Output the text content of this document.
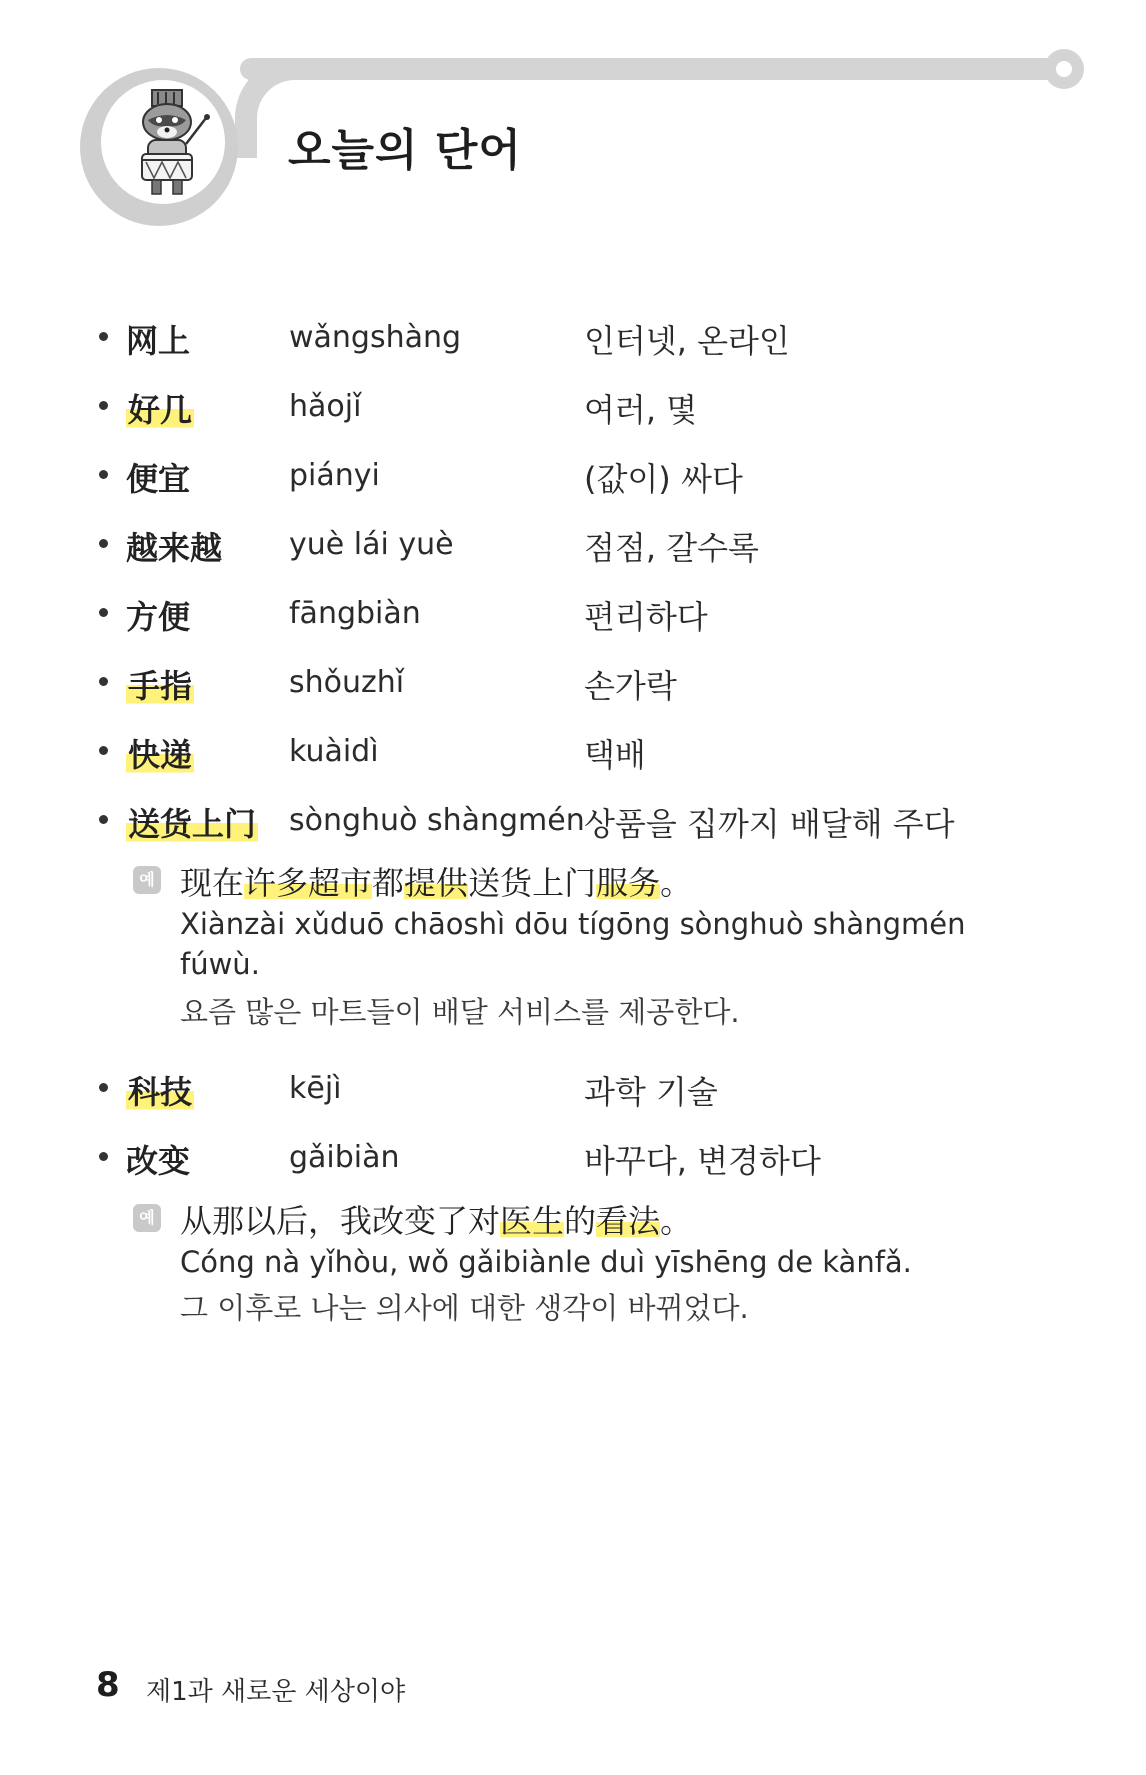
오늘의 단어
网上	wǎngshàng	인터넷, 온라인
好几	hǎojǐ	여러, 몇
便宜	piányi	(값이) 싸다
越来越 yuè lái yuè	점점, 갈수록
方便	fāngbiàn	편리하다
手指	shǒuzhǐ	손가락
快递	kuàidì	택배
送货上门 sònghuò shàngmén 상품을 집까지 배달해 주다
예 现在许多超市都提供送货上门服务。
Xiànzài xǔduō chāoshì dōu tígōng sònghuò shàngmén fúwù.
요즘 많은 마트들이 배달 서비스를 제공한다.
科技	kējì	과학 기술
改变	gǎibiàn	바꾸다, 변경하다
예 从那以后，我改变了对医生的看法。
Cóng nà yǐhòu, wǒ gǎibiànle duì yīshēng de kànfǎ.
그 이후로 나는 의사에 대한 생각이 바뀌었다.
8 제1과 새로운 세상이야
